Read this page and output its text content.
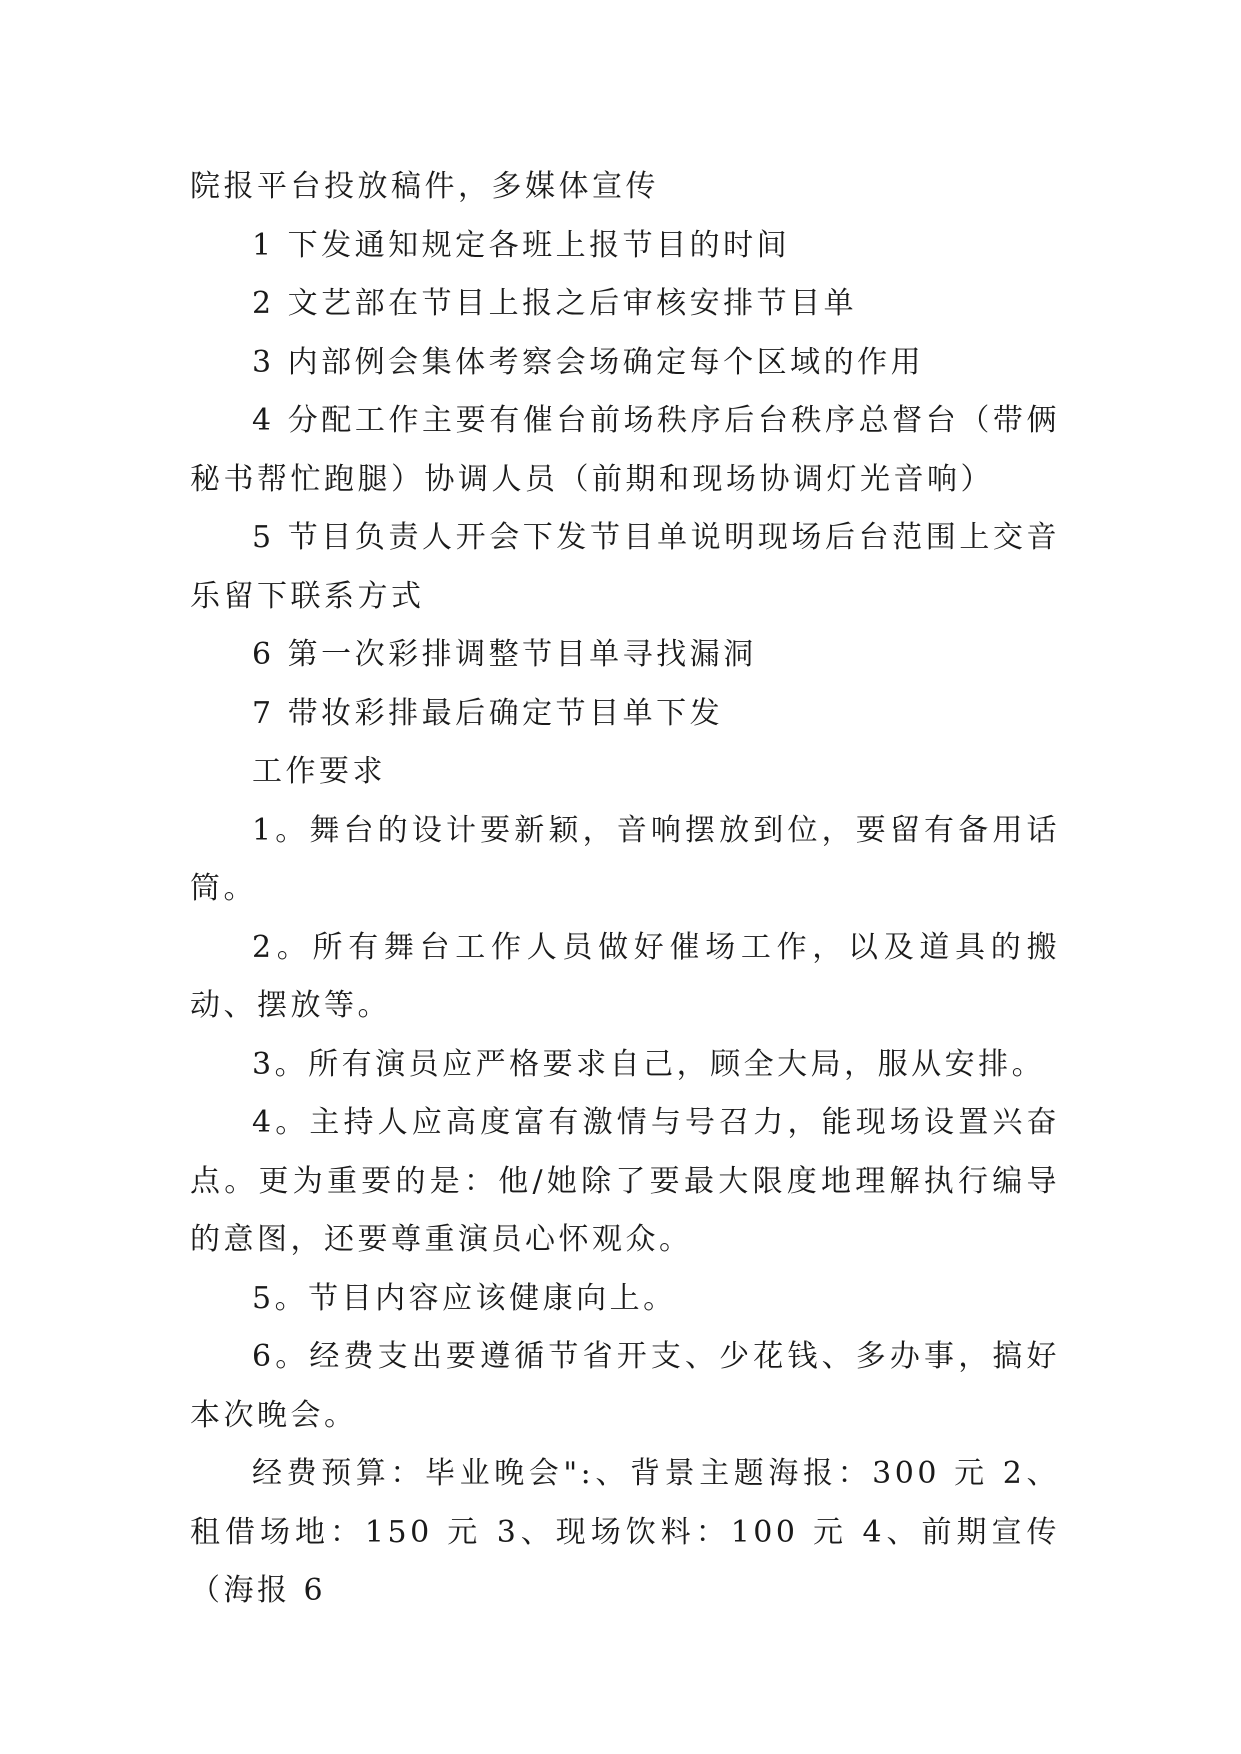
院报平台投放稿件，多媒体宣传

1 下发通知规定各班上报节目的时间

2 文艺部在节目上报之后审核安排节目单

3 内部例会集体考察会场确定每个区域的作用

4 分配工作主要有催台前场秩序后台秩序总督台（带俩秘书帮忙跑腿）协调人员（前期和现场协调灯光音响）

5 节目负责人开会下发节目单说明现场后台范围上交音乐留下联系方式

6 第一次彩排调整节目单寻找漏洞

7 带妆彩排最后确定节目单下发

工作要求

1。舞台的设计要新颖，音响摆放到位，要留有备用话筒。

2。所有舞台工作人员做好催场工作，以及道具的搬动、摆放等。

3。所有演员应严格要求自己，顾全大局，服从安排。

4。主持人应高度富有激情与号召力，能现场设置兴奋点。更为重要的是：他/她除了要最大限度地理解执行编导的意图，还要尊重演员心怀观众。

5。节目内容应该健康向上。

6。经费支出要遵循节省开支、少花钱、多办事，搞好本次晚会。

经费预算：毕业晚会":、背景主题海报：300 元 2、租借场地：150 元 3、现场饮料：100 元 4、前期宣传（海报 6
